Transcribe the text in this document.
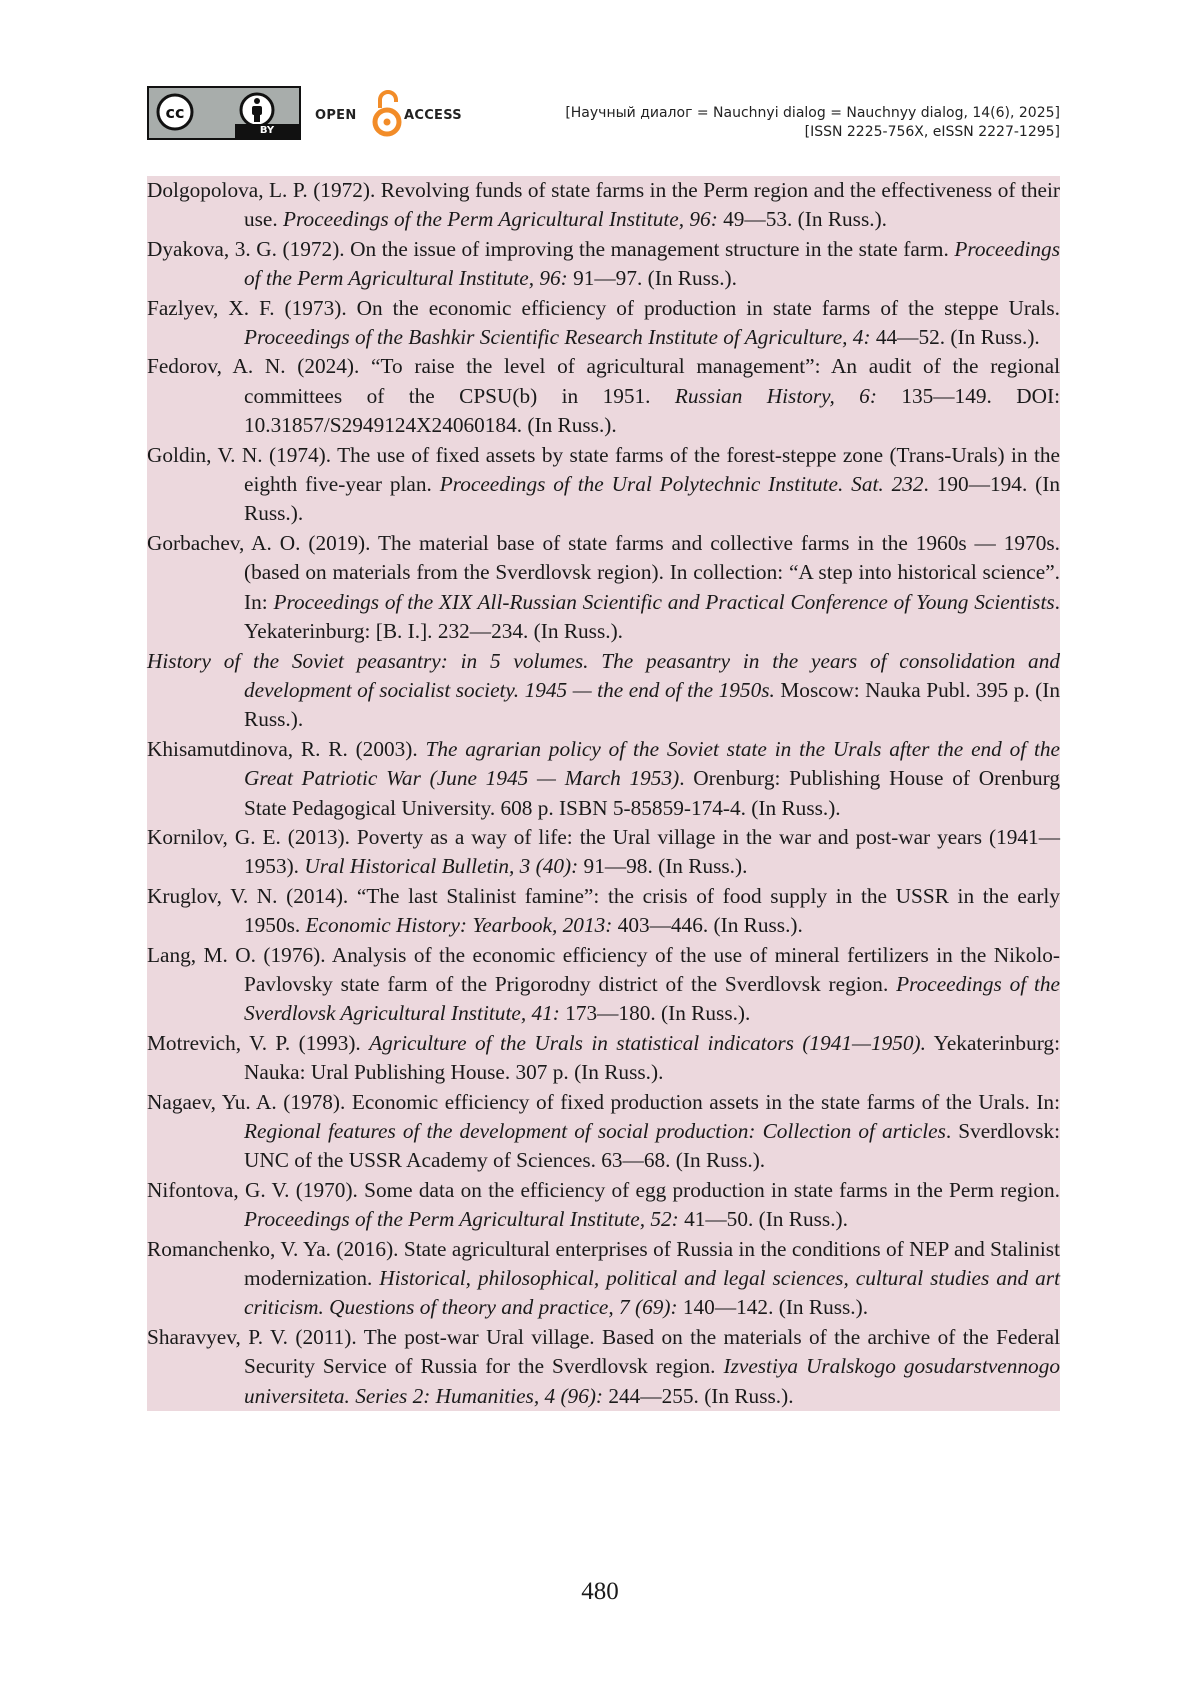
cc
BY
OPEN	ACCESS	[Научный диалог = Nauchnyi dialog = Nauchnyy dialog, 14(6), 2025]
[ISSN 2225-756X, eISSN 2227-1295]

Dolgopolova, L. P. (1972). Revolving funds of state farms in the Perm region and the effectiveness of their use. Proceedings of the Perm Agricultural Institute, 96: 49—53. (In Russ.).

Dyakova, 3. G. (1972). On the issue of improving the management structure in the state farm. Proceedings of the Perm Agricultural Institute, 96: 91—97. (In Russ.).

Fazlyev, X. F. (1973). On the economic efficiency of production in state farms of the steppe Urals. Proceedings of the Bashkir Scientific Research Institute of Agriculture, 4: 44—52. (In Russ.).

Fedorov, A. N. (2024). “To raise the level of agricultural management”: An audit of the regional committees of the CPSU(b) in 1951. Russian History, 6: 135—149. DOI: 10.31857/S2949124X24060184. (In Russ.).

Goldin, V. N. (1974). The use of fixed assets by state farms of the forest-steppe zone (Trans-Urals) in the eighth five-year plan. Proceedings of the Ural Polytechnic Institute. Sat. 232. 190—194. (In Russ.).

Gorbachev, A. O. (2019). The material base of state farms and collective farms in the 1960s — 1970s. (based on materials from the Sverdlovsk region). In collection: “A step into historical science”. In: Proceedings of the XIX All-Russian Scientific and Practical Conference of Young Scientists. Yekaterinburg: [B. I.]. 232—234. (In Russ.).

History of the Soviet peasantry: in 5 volumes. The peasantry in the years of consolidation and development of socialist society. 1945 — the end of the 1950s. Moscow: Nauka Publ. 395 p. (In Russ.).

Khisamutdinova, R. R. (2003). The agrarian policy of the Soviet state in the Urals after the end of the Great Patriotic War (June 1945 — March 1953). Orenburg: Publishing House of Orenburg State Pedagogical University. 608 p. ISBN 5-85859-174-4. (In Russ.).

Kornilov, G. E. (2013). Poverty as a way of life: the Ural village in the war and post-war years (1941—1953). Ural Historical Bulletin, 3 (40): 91—98. (In Russ.).

Kruglov, V. N. (2014). “The last Stalinist famine”: the crisis of food supply in the USSR in the early 1950s. Economic History: Yearbook, 2013: 403—446. (In Russ.).

Lang, M. O. (1976). Analysis of the economic efficiency of the use of mineral fertilizers in the Nikolo-Pavlovsky state farm of the Prigorodny district of the Sverdlovsk region. Proceedings of the Sverdlovsk Agricultural Institute, 41: 173—180. (In Russ.).

Motrevich, V. P. (1993). Agriculture of the Urals in statistical indicators (1941—1950). Yekaterinburg: Nauka: Ural Publishing House. 307 p. (In Russ.).

Nagaev, Yu. A. (1978). Economic efficiency of fixed production assets in the state farms of the Urals. In: Regional features of the development of social production: Collection of articles. Sverdlovsk: UNC of the USSR Academy of Sciences. 63—68. (In Russ.).

Nifontova, G. V. (1970). Some data on the efficiency of egg production in state farms in the Perm region. Proceedings of the Perm Agricultural Institute, 52: 41—50. (In Russ.).

Romanchenko, V. Ya. (2016). State agricultural enterprises of Russia in the conditions of NEP and Stalinist modernization. Historical, philosophical, political and legal sciences, cultural studies and art criticism. Questions of theory and practice, 7 (69): 140—142. (In Russ.).

Sharavyev, P. V. (2011). The post-war Ural village. Based on the materials of the archive of the Federal Security Service of Russia for the Sverdlovsk region. Izvestiya Uralskogo gosudarstvennogo universiteta. Series 2: Humanities, 4 (96): 244—255. (In Russ.).

480
